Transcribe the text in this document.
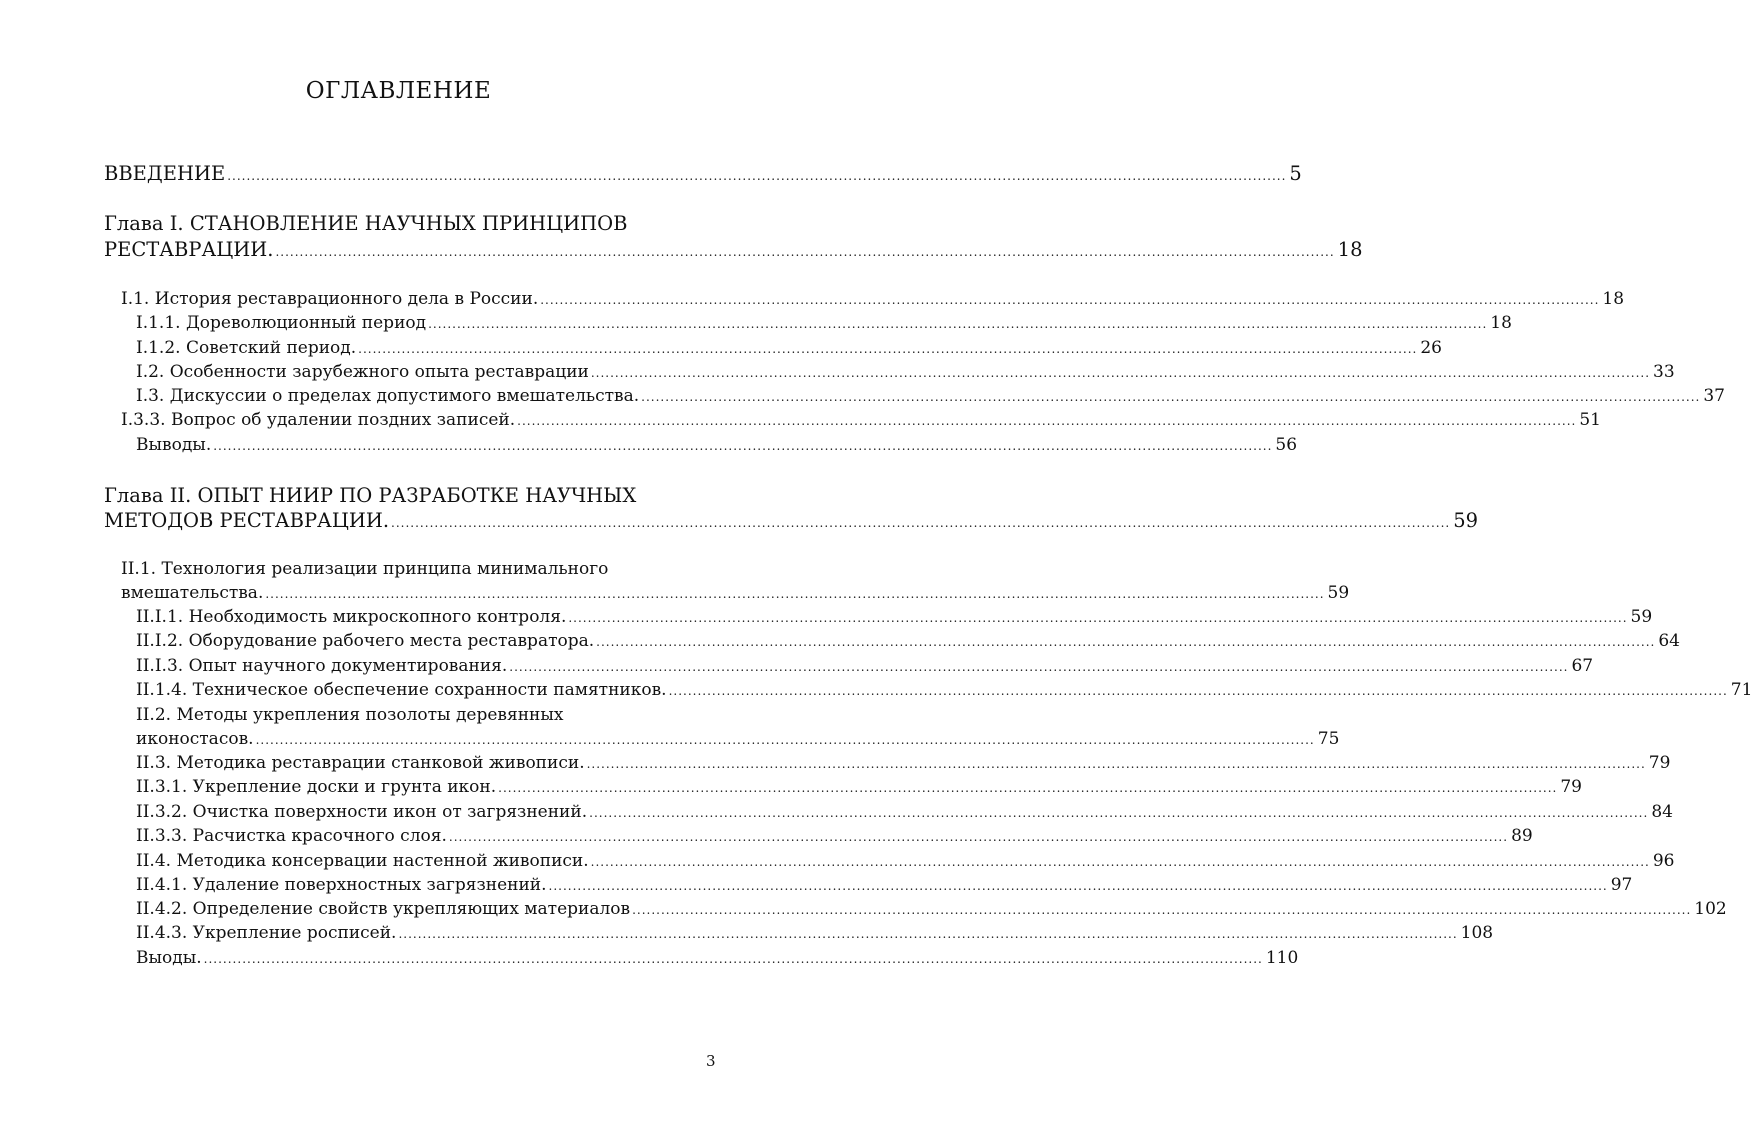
ОГЛАВЛЕНИЕ
ВВЕДЕНИЕ ............................................................................................................................................................................................................................ 5
Глава I. СТАНОВЛЕНИЕ НАУЧНЫХ ПРИНЦИПОВ
РЕСТАВРАЦИИ. ............................................................................................................................................................................................................................ 18
I.1. История реставрационного дела в России. ............................................................................................................................................................................................................................ 18
I.1.1. Дореволюционный период ............................................................................................................................................................................................................................ 18
I.1.2. Советский период. ............................................................................................................................................................................................................................ 26
I.2. Особенности зарубежного опыта реставрации ............................................................................................................................................................................................................................ 33
I.3. Дискуссии о пределах допустимого вмешательства. ............................................................................................................................................................................................................................ 37
I.3.3. Вопрос об удалении поздних записей. ............................................................................................................................................................................................................................ 51
Выводы. ............................................................................................................................................................................................................................ 56
Глава II. ОПЫТ НИИР ПО РАЗРАБОТКЕ НАУЧНЫХ
МЕТОДОВ РЕСТАВРАЦИИ. ............................................................................................................................................................................................................................ 59
II.1. Технология реализации принципа минимального
вмешательства. ............................................................................................................................................................................................................................ 59
II.I.1. Необходимость микроскопного контроля. ............................................................................................................................................................................................................................ 59
II.I.2. Оборудование рабочего места реставратора. ............................................................................................................................................................................................................................ 64
II.I.3. Опыт научного документирования. ............................................................................................................................................................................................................................ 67
II.1.4. Техническое обеспечение сохранности памятников. ............................................................................................................................................................................................................................ 71
II.2. Методы укрепления позолоты деревянных
иконостасов. ............................................................................................................................................................................................................................ 75
II.3. Методика реставрации станковой живописи. ............................................................................................................................................................................................................................ 79
II.3.1. Укрепление доски и грунта икон. ............................................................................................................................................................................................................................ 79
II.3.2. Очистка поверхности икон от загрязнений. ............................................................................................................................................................................................................................ 84
II.3.3. Расчистка красочного слоя. ............................................................................................................................................................................................................................ 89
II.4. Методика консервации настенной живописи. ............................................................................................................................................................................................................................ 96
II.4.1. Удаление поверхностных загрязнений. ............................................................................................................................................................................................................................ 97
II.4.2. Определение свойств укрепляющих материалов ............................................................................................................................................................................................................................ 102
II.4.3. Укрепление росписей. ............................................................................................................................................................................................................................ 108
Выоды. ............................................................................................................................................................................................................................ 110
3
